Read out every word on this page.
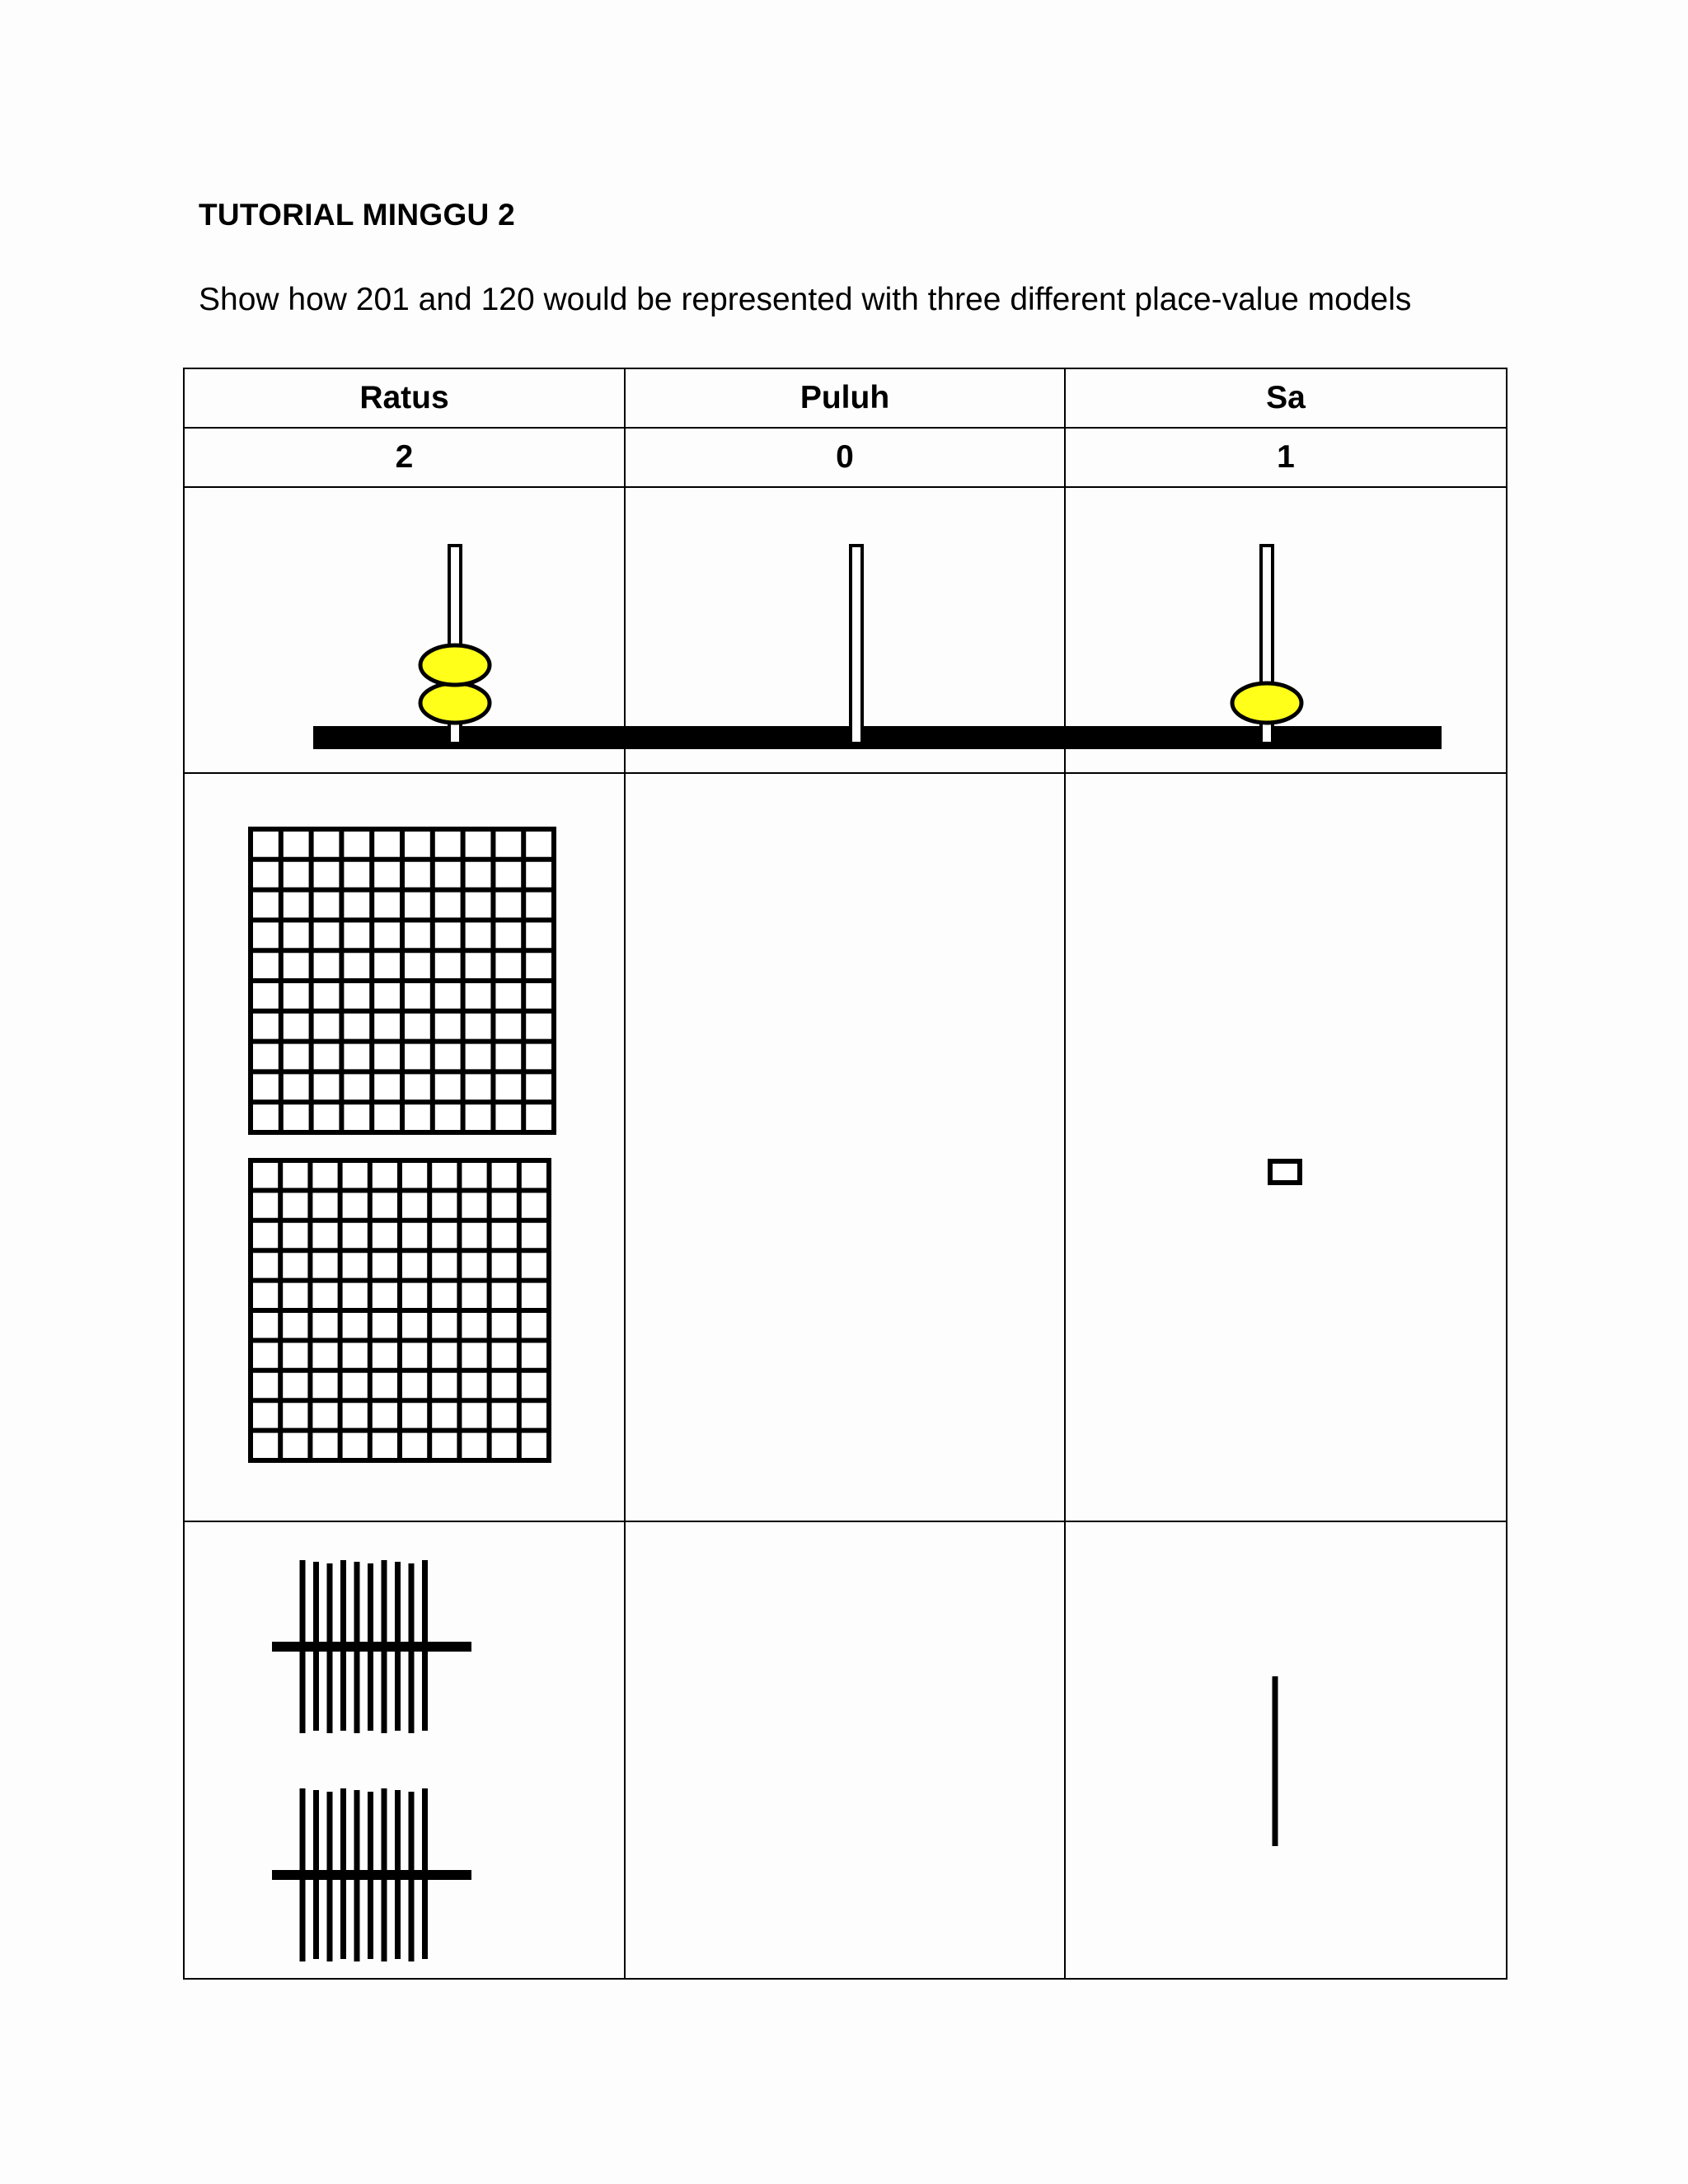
TUTORIAL MINGGU 2
Show how 201 and 120 would be represented with three different place-value models
Ratus	Puluh	Sa
2	0	1
